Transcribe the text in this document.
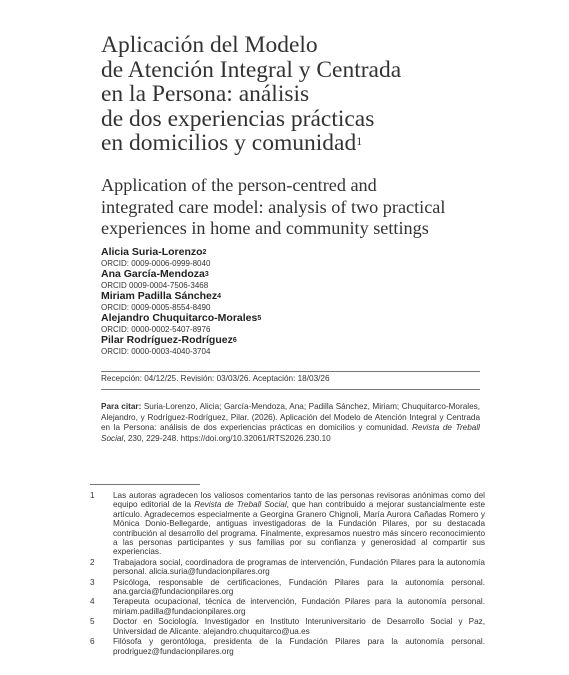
Aplicación del Modelo
de Atención Integral y Centrada
en la Persona: análisis
de dos experiencias prácticas
en domicilios y comunidad$^1$
Application of the person-centred and
integrated care model: analysis of two practical
experiences in home and community settings
Alicia Suria-Lorenzo$^2$
ORCID: 0009-0006-0999-8040
Ana García-Mendoza$^3$
ORCID 0009-0004-7506-3468
Miriam Padilla Sánchez$^4$
ORCID: 0009-0005-8554-8490
Alejandro Chuquitarco-Morales$^5$
ORCID: 0000-0002-5407-8976
Pilar Rodríguez-Rodríguez$^6$
ORCID: 0000-0003-4040-3704
Recepción: 04/12/25. Revisión: 03/03/26. Aceptación: 18/03/26
Para citar: Suria-Lorenzo, Alicia; García-Mendoza, Ana; Padilla Sánchez, Miriam; Chuquitarco-Morales, Alejandro, y Rodríguez-Rodríguez, Pilar. (2026). Aplicación del Modelo de Atención Integral y Centrada en la Persona: análisis de dos experiencias prácticas en domicilios y comunidad. Revista de Treball Social, 230, 229-248. https://doi.org/10.32061/RTS2026.230.10
1	Las autoras agradecen los valiosos comentarios tanto de las personas revisoras anónimas como del equipo editorial de la Revista de Treball Social, que han contribuido a mejorar sustancialmente este artículo. Agradecemos especialmente a Georgina Granero Chignoli, María Aurora Cañadas Romero y Mònica Donio-Bellegarde, antiguas investigadoras de la Fundación Pilares, por su destacada contribución al desarrollo del programa. Finalmente, expresamos nuestro más sincero reconocimiento a las personas participantes y sus familias por su confianza y generosidad al compartir sus experiencias.
2	Trabajadora social, coordinadora de programas de intervención, Fundación Pilares para la autonomía personal. alicia.suria@fundacionpilares.org
3	Psicóloga, responsable de certificaciones, Fundación Pilares para la autonomía personal. ana.garcia@fundacionpilares.org
4	Terapeuta ocupacional, técnica de intervención, Fundación Pilares para la autonomía personal. miriam.padilla@fundacionpilares.org
5	Doctor en Sociología. Investigador en Instituto Interuniversitario de Desarrollo Social y Paz, Universidad de Alicante. alejandro.chuquitarco@ua.es
6	Filósofa y gerontóloga, presidenta de la Fundación Pilares para la autonomía personal. prodriguez@fundacionpilares.org
